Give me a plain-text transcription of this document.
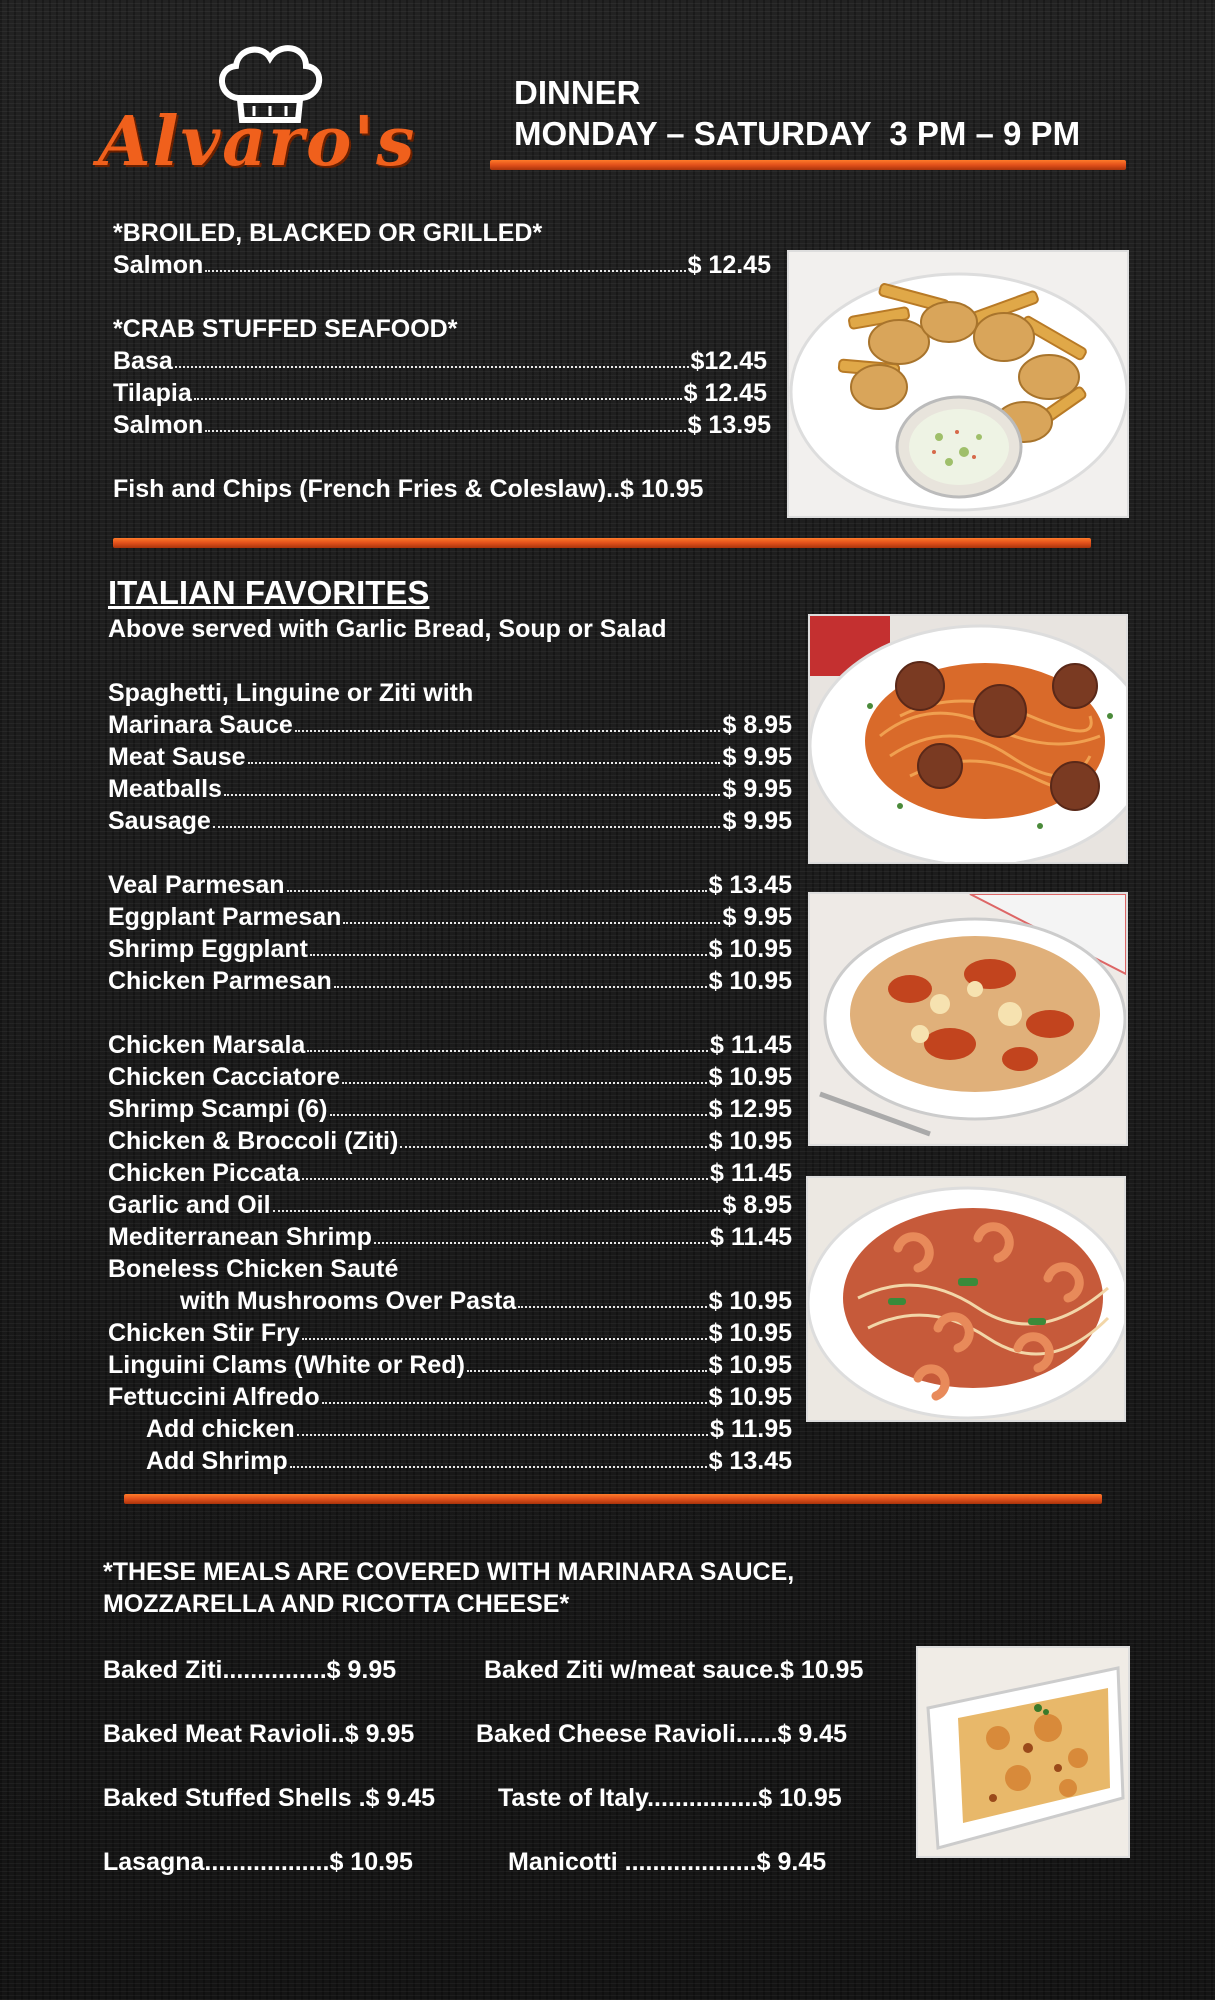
Alvaro's
DINNER
MONDAY – SATURDAY  3 PM – 9 PM
*BROILED, BLACKED OR GRILLED*
Salmon	$ 12.45
*CRAB STUFFED SEAFOOD*
Basa	$12.45
Tilapia	$ 12.45
Salmon	$ 13.95
Fish and Chips (French Fries & Coleslaw)..$ 10.95
ITALIAN FAVORITES
Above served with Garlic Bread, Soup or Salad
Spaghetti, Linguine or Ziti with
Marinara Sauce	$ 8.95
Meat Sause	$ 9.95
Meatballs	$ 9.95
Sausage	$ 9.95
Veal Parmesan	$ 13.45
Eggplant Parmesan	$ 9.95
Shrimp Eggplant	$ 10.95
Chicken Parmesan	$ 10.95
Chicken Marsala	$ 11.45
Chicken Cacciatore	$ 10.95
Shrimp Scampi (6)	$ 12.95
Chicken & Broccoli (Ziti)	$ 10.95
Chicken Piccata	$ 11.45
Garlic and Oil	$ 8.95
Mediterranean Shrimp	$ 11.45
Boneless Chicken Sauté
with Mushrooms Over Pasta	$ 10.95
Chicken Stir Fry	$ 10.95
Linguini Clams (White or Red)	$ 10.95
Fettuccini Alfredo	$ 10.95
Add chicken	$ 11.95
Add Shrimp	$ 13.45
*THESE MEALS ARE COVERED WITH MARINARA SAUCE,
MOZZARELLA AND RICOTTA CHEESE*
Baked Ziti...............$ 9.95	Baked Ziti w/meat sauce.$ 10.95
Baked Meat Ravioli..$ 9.95 Baked Cheese Ravioli......$ 9.45
Baked Stuffed Shells .$ 9.45	Taste of Italy................$ 10.95
Lasagna..................$ 10.95	Manicotti ...................$ 9.45
